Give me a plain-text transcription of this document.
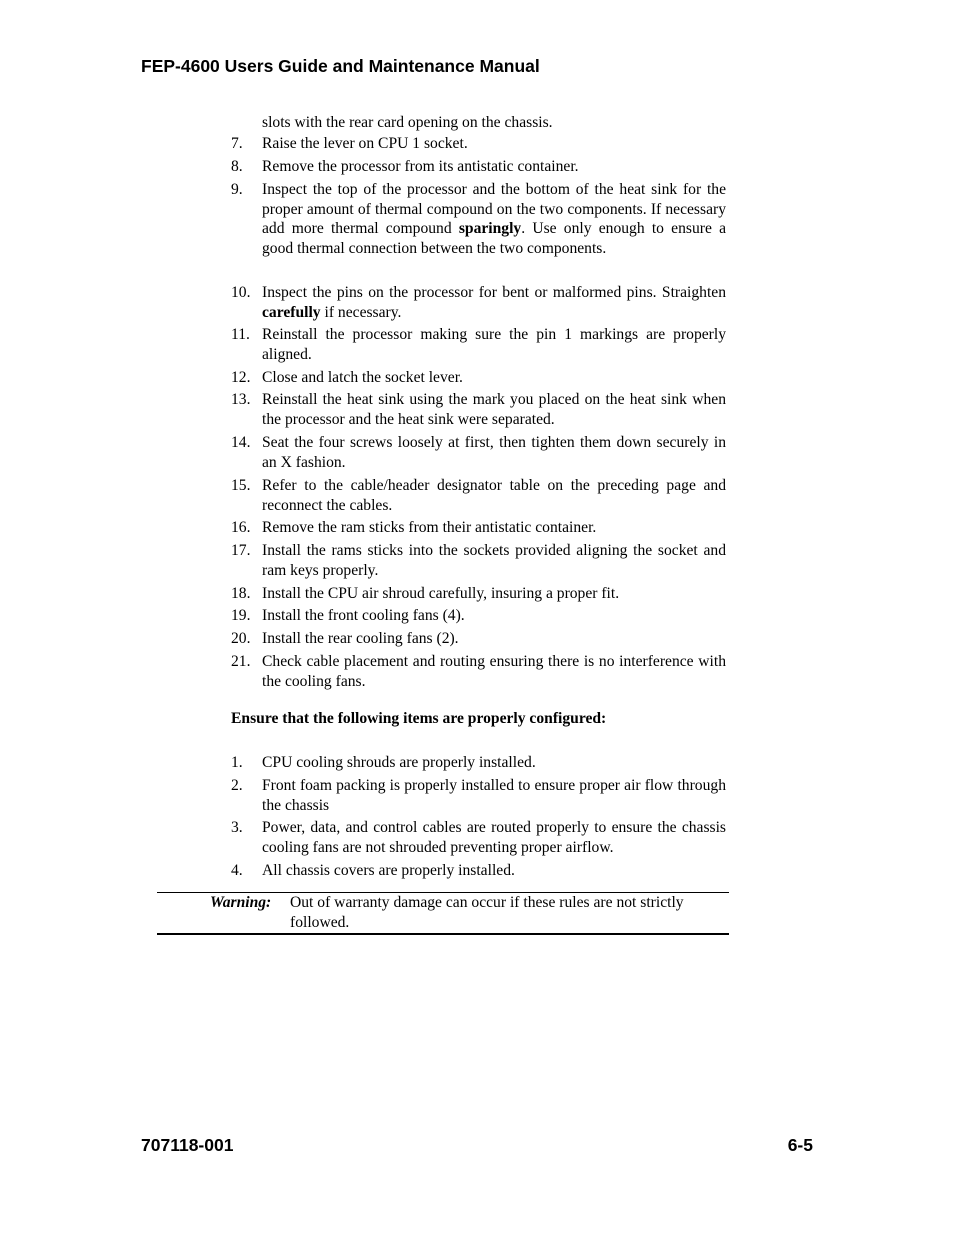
FEP-4600 Users Guide and Maintenance Manual
slots with the rear card opening on the chassis.
7.	Raise the lever on CPU 1 socket.
8.	Remove the processor from its antistatic container.
9.	Inspect the top of the processor and the bottom of the heat sink for the proper amount of thermal compound on the two components. If necessary add more thermal compound sparingly. Use only enough to ensure a good thermal connection between the two components.
10. Inspect the pins on the processor for bent or malformed pins. Straighten carefully if necessary.
11. Reinstall the processor making sure the pin 1 markings are properly aligned.
12. Close and latch the socket lever.
13. Reinstall the heat sink using the mark you placed on the heat sink when the processor and the heat sink were separated.
14. Seat the four screws loosely at first, then tighten them down securely in an X fashion.
15. Refer to the cable/header designator table on the preceding page and reconnect the cables.
16. Remove the ram sticks from their antistatic container.
17. Install the rams sticks into the sockets provided aligning the socket and ram keys properly.
18. Install the CPU air shroud carefully, insuring a proper fit.
19. Install the front cooling fans (4).
20. Install the rear cooling fans (2).
21. Check cable placement and routing ensuring there is no interference with the cooling fans.
Ensure that the following items are properly configured:
1.	CPU cooling shrouds are properly installed.
2.	Front foam packing is properly installed to ensure proper air flow through the chassis
3.	Power, data, and control cables are routed properly to ensure the chassis cooling fans are not shrouded preventing proper airflow.
4.	All chassis covers are properly installed.
Warning: Out of warranty damage can occur if these rules are not strictly followed.
707118-001	6-5
